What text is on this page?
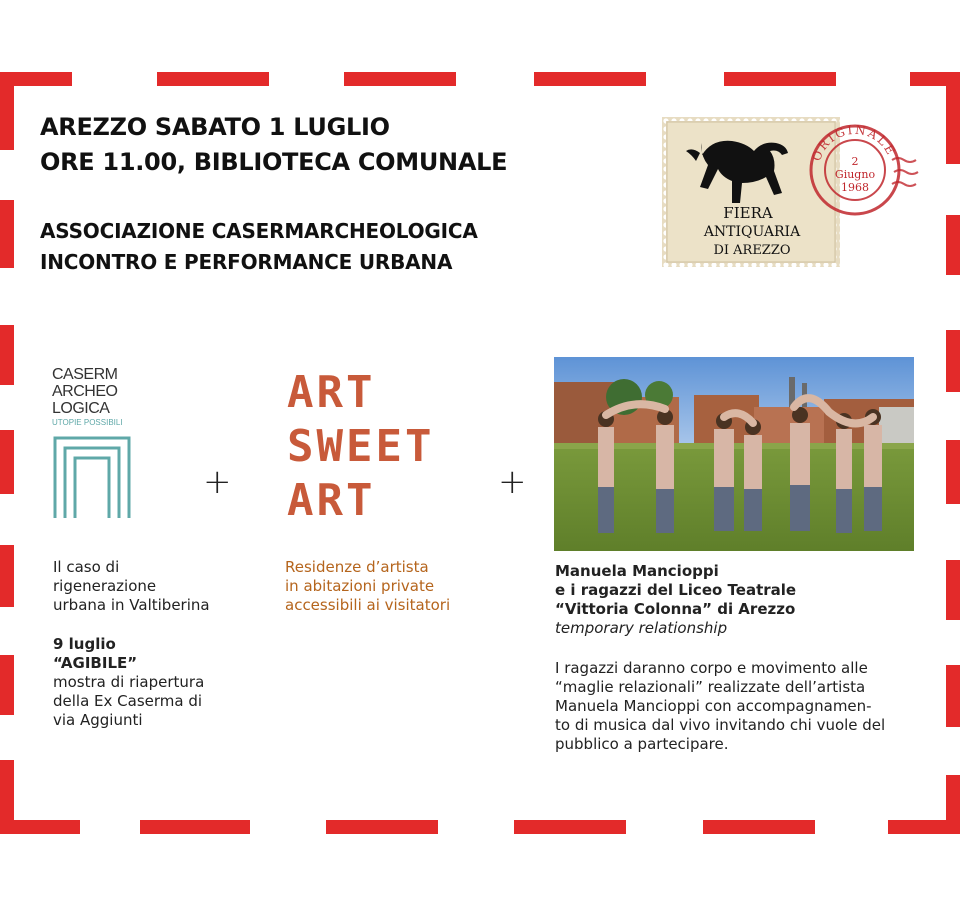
AREZZO SABATO 1 LUGLIO
ORE 11.00, BIBLIOTECA COMUNALE
ASSOCIAZIONE CASERMARCHEOLOGICA
INCONTRO E PERFORMANCE URBANA
FIERA
ANTIQUARIA
DI AREZZO
ORIGINALE
2
Giugno
1968
CASERM
ARCHEO
LOGICA
UTOPIE POSSIBILI
+	+
ART
SWEET
ART
Il caso di
rigenerazione
urbana in Valtiberina
9 luglio
“AGIBILE”
mostra di riapertura
della Ex Caserma di
via Aggiunti
Residenze d’artista
in abitazioni private
accessibili ai visitatori
Manuela Mancioppi
e i ragazzi del Liceo Teatrale
“Vittoria Colonna” di Arezzo
temporary relationship
I ragazzi daranno corpo e movimento alle
“maglie relazionali” realizzate dell’artista
Manuela Mancioppi con accompagnamen-
to di musica dal vivo invitando chi vuole del
pubblico a partecipare.
